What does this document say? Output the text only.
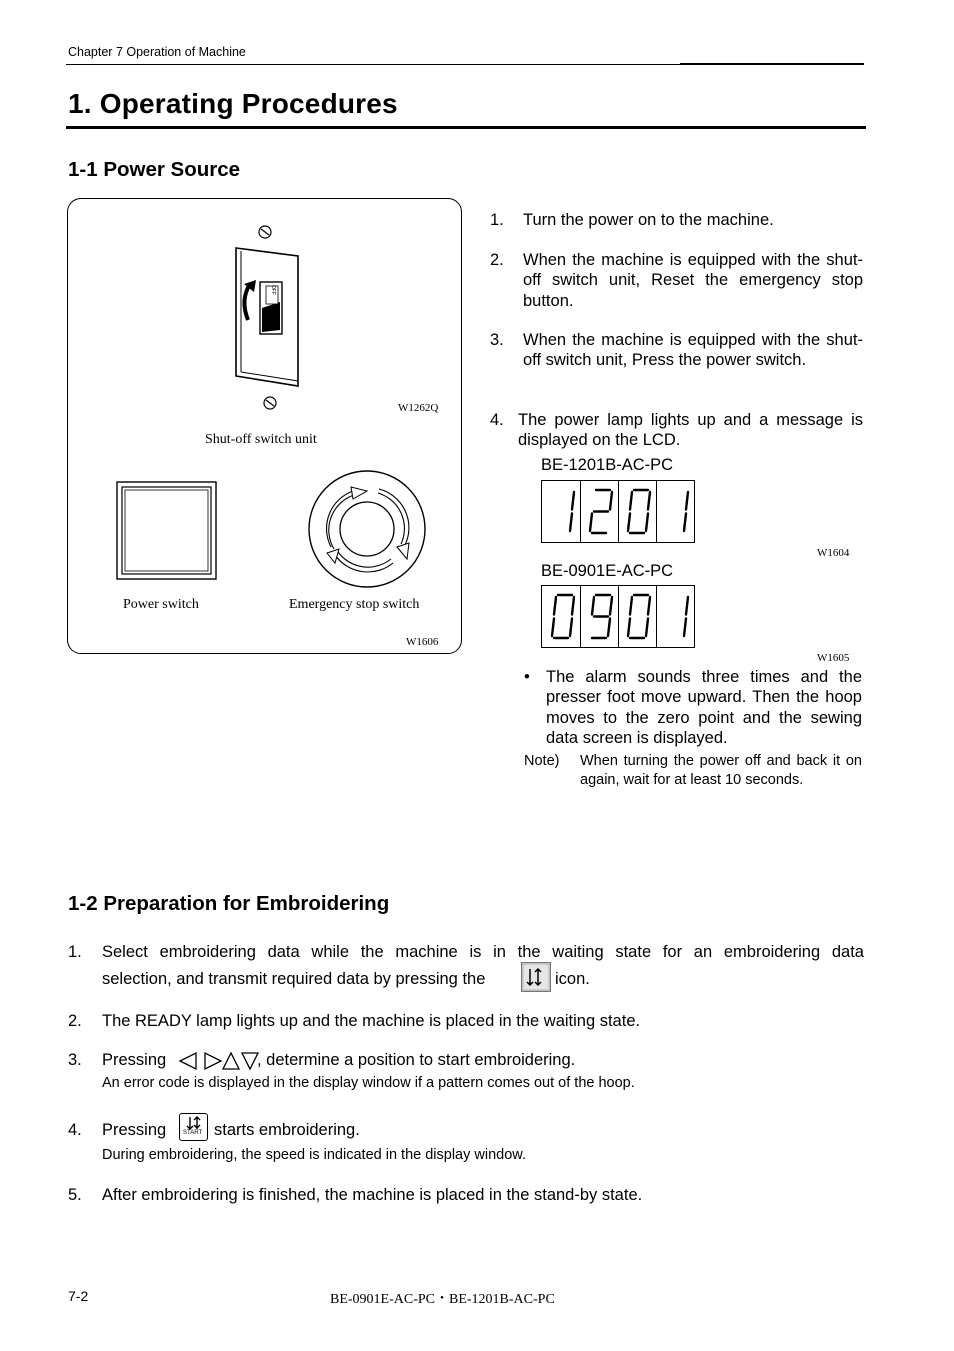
Chapter 7 Operation of Machine
1. Operating Procedures
1-1 Power Source
OFF
W1262Q
Shut-off switch unit
Power switch	Emergency stop switch
W1606
1. Turn the power on to the machine.
2. When the machine is equipped with the shut-off switch unit, Reset the emergency stop button.
3. When the machine is equipped with the shut-off switch unit, Press the power switch.
4. The power lamp lights up and a message is displayed on the LCD.
BE-1201B-AC-PC
W1604
BE-0901E-AC-PC
W1605
• The alarm sounds three times and the presser foot move upward. Then the hoop moves to the zero point and the sewing data screen is displayed.
Note) When turning the power off and back it on again, wait for at least 10 seconds.
1-2 Preparation for Embroidering
1. Select embroidering data while the machine is in the waiting state for an embroidering data
selection, and transmit required data by pressing the	icon.
2. The READY lamp lights up and the machine is placed in the waiting state.
3. Pressing	, determine a position to start embroidering.
An error code is displayed in the display window if a pattern comes out of the hoop.
4. Pressing	START starts embroidering.
During embroidering, the speed is indicated in the display window.
5. After embroidering is finished, the machine is placed in the stand-by state.
7-2	BE-0901E-AC-PC・BE-1201B-AC-PC
